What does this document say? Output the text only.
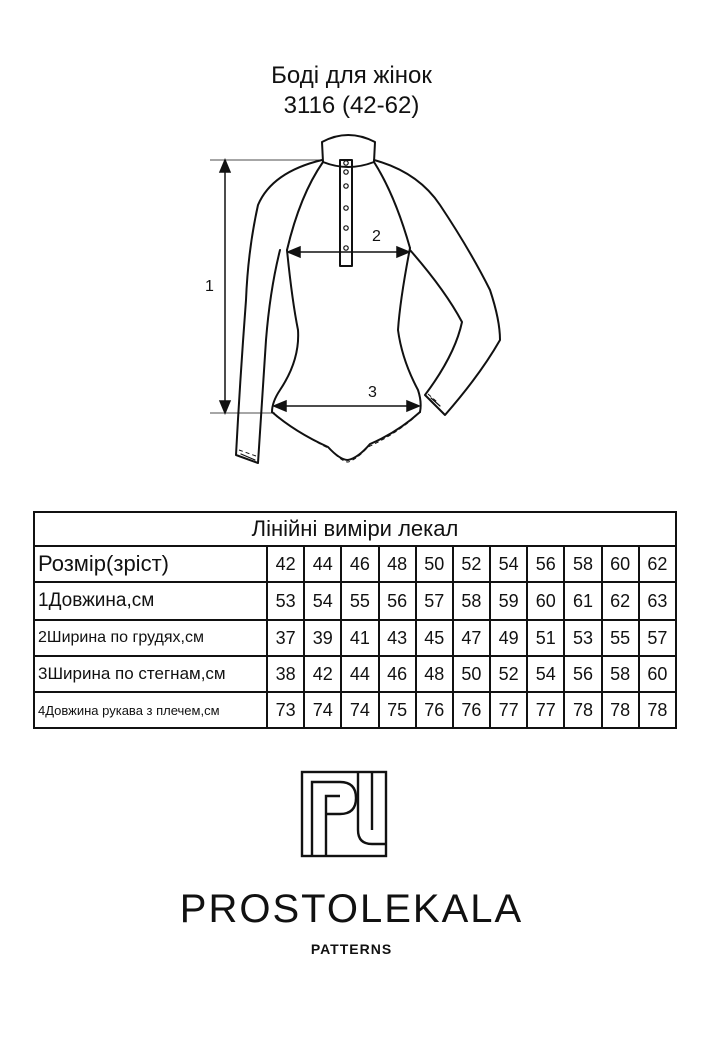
Боді для жінок
3116 (42-62)
1
2
3
Лінійні виміри лекал											
Розмір(зріст)	42	44	46	48	50	52	54	56	58	60	62
1Довжина,см	53	54	55	56	57	58	59	60	61	62	63
2Ширина по грудях,см	37	39	41	43	45	47	49	51	53	55	57
3Ширина по стегнам,см	38	42	44	46	48	50	52	54	56	58	60
4Довжина рукава з плечем,см	73	74	74	75	76	76	77	77	78	78	78
PROSTOLEKALA
PATTERNS
